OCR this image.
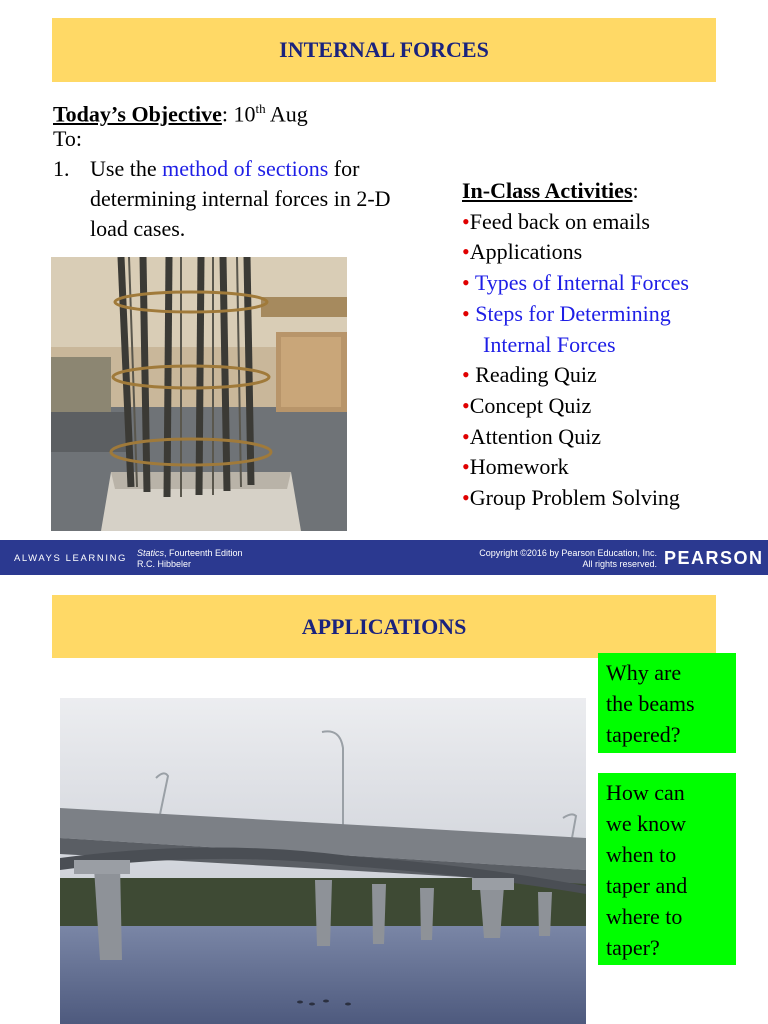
INTERNAL FORCES
Today’s Objective: 10th Aug
To:
1. Use the method of sections for
determining internal forces in 2-D
load cases.
In-Class Activities:
•Feed back on emails
•Applications
• Types of Internal Forces
• Steps for Determining
Internal Forces
• Reading Quiz
•Concept Quiz
•Attention Quiz
•Homework
•Group Problem Solving
ALWAYS LEARNING Statics, Fourteenth Edition
R.C. Hibbeler
Copyright ©2016 by Pearson Education, Inc.
All rights reserved. PEARSON
APPLICATIONS
Why are
the beams
tapered?
How can
we know
when to
taper and
where to
taper?
